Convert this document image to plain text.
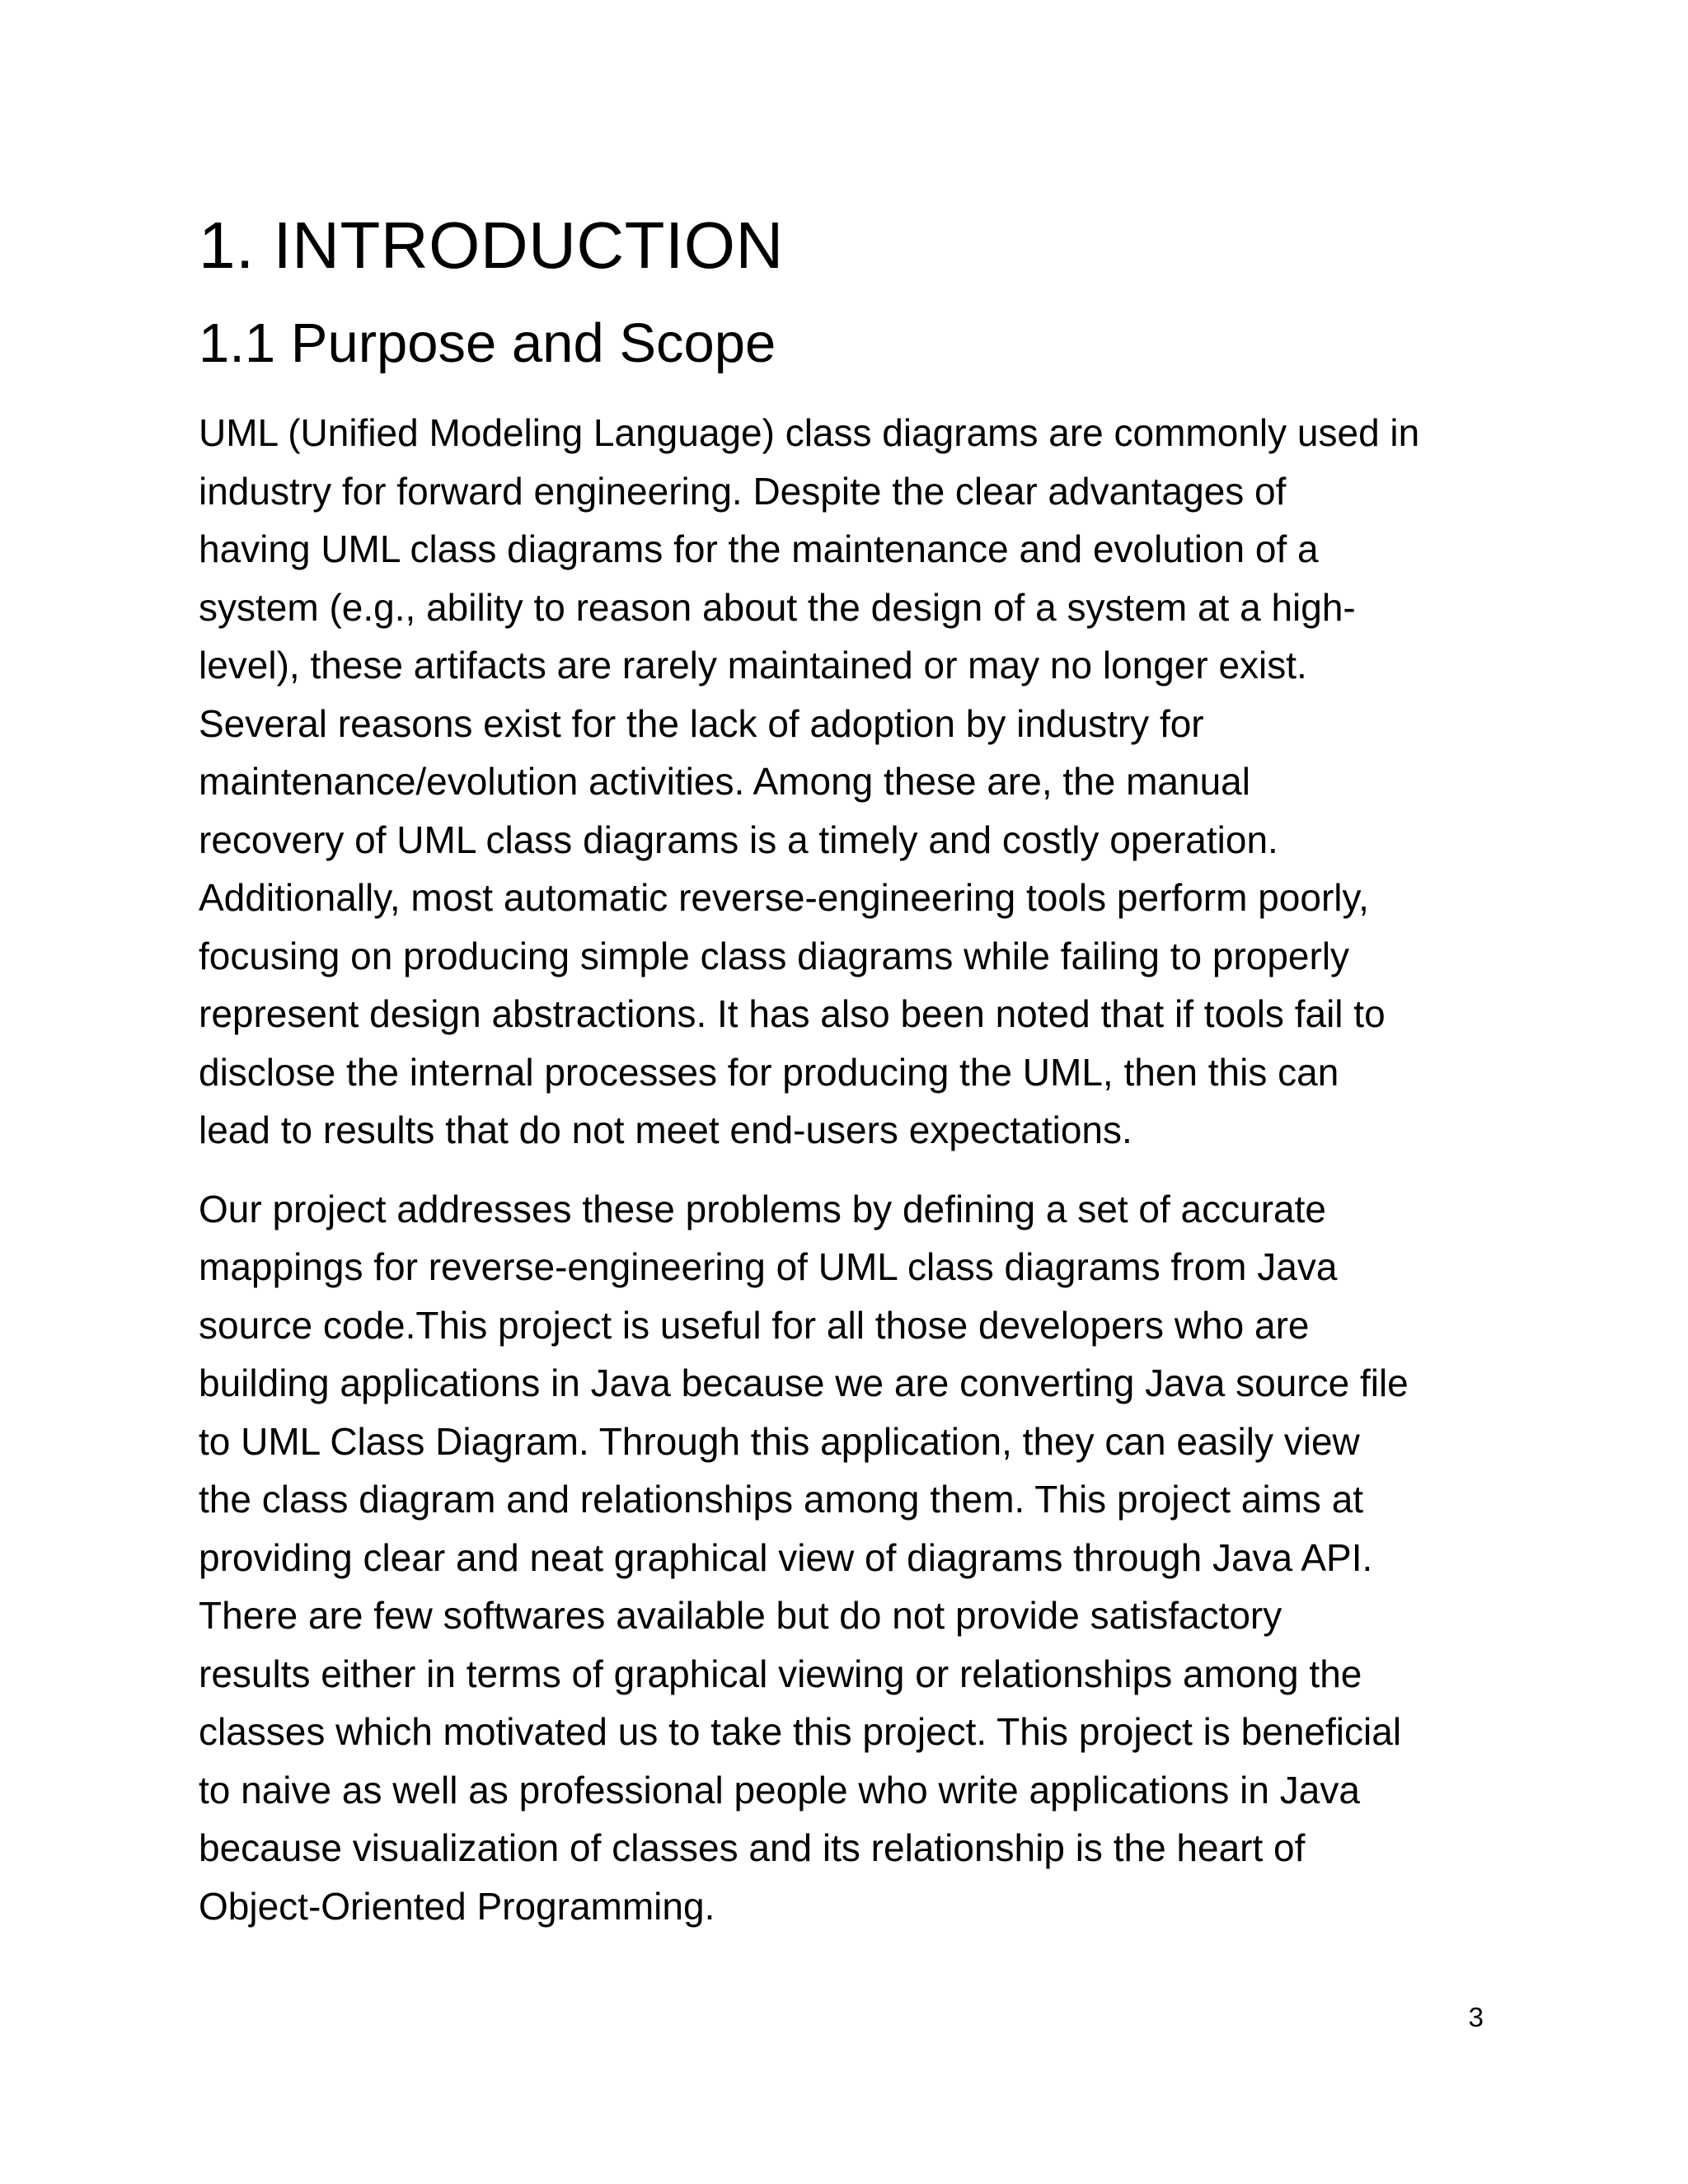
1. INTRODUCTION
1.1 Purpose and Scope

UML (Unified Modeling Language) class diagrams are commonly used in
industry for forward engineering. Despite the clear advantages of
having UML class diagrams for the maintenance and evolution of a
system (e.g., ability to reason about the design of a system at a high-
level), these artifacts are rarely maintained or may no longer exist.
Several reasons exist for the lack of adoption by industry for
maintenance/evolution activities. Among these are, the manual
recovery of UML class diagrams is a timely and costly operation.
Additionally, most automatic reverse-engineering tools perform poorly,
focusing on producing simple class diagrams while failing to properly
represent design abstractions. It has also been noted that if tools fail to
disclose the internal processes for producing the UML, then this can
lead to results that do not meet end-users expectations.

Our project addresses these problems by defining a set of accurate
mappings for reverse-engineering of UML class diagrams from Java
source code.This project is useful for all those developers who are
building applications in Java because we are converting Java source file
to UML Class Diagram. Through this application, they can easily view
the class diagram and relationships among them. This project aims at
providing clear and neat graphical view of diagrams through Java API.
There are few softwares available but do not provide satisfactory
results either in terms of graphical viewing or relationships among the
classes which motivated us to take this project. This project is beneficial
to naive as well as professional people who write applications in Java
because visualization of classes and its relationship is the heart of
Object-Oriented Programming.

3
